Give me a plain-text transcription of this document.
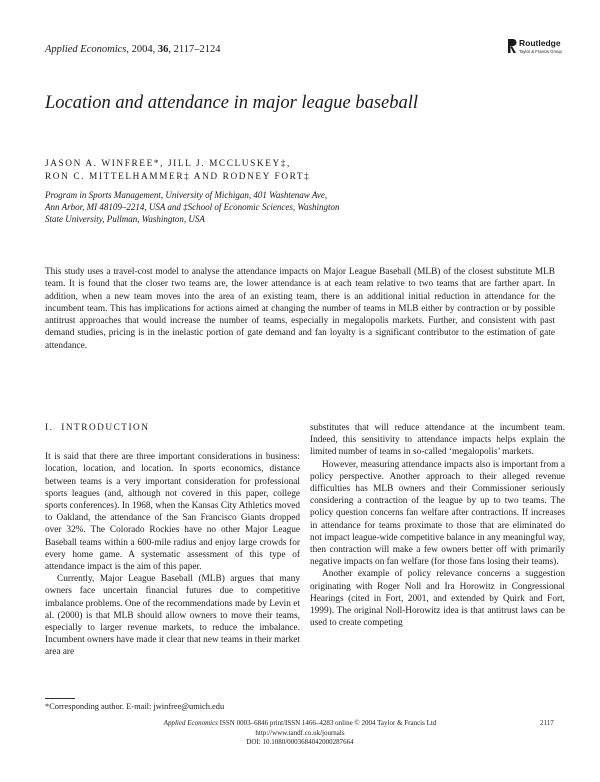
Applied Economics, 2004, 36, 2117–2124
Routledge
Taylor & Francis Group
Location and attendance in major league baseball
JASON A. WINFREE*, JILL J. MCCLUSKEY‡,
RON C. MITTELHAMMER‡ AND RODNEY FORT‡
Program in Sports Management, University of Michigan, 401 Washtenaw Ave,
Ann Arbor, MI 48109–2214, USA and ‡School of Economic Sciences, Washington
State University, Pullman, Washington, USA

This study uses a travel-cost model to analyse the attendance impacts on Major League Baseball (MLB) of the closest substitute MLB team. It is found that the closer two teams are, the lower attendance is at each team relative to two teams that are farther apart. In addition, when a new team moves into the area of an existing team, there is an additional initial reduction in attendance for the incumbent team. This has implications for actions aimed at changing the number of teams in MLB either by contraction or by possible antitrust approaches that would increase the number of teams, especially in megalopolis markets. Further, and consistent with past demand studies, pricing is in the inelastic portion of gate demand and fan loyalty is a significant contributor to the estimation of gate attendance.

I. INTRODUCTION

It is said that there are three important considerations in business: location, location, and location. In sports economics, distance between teams is a very important consideration for professional sports leagues (and, although not covered in this paper, college sports conferences). In 1968, when the Kansas City Athletics moved to Oakland, the attendance of the San Francisco Giants dropped over 32%. The Colorado Rockies have no other Major League Baseball teams within a 600-mile radius and enjoy large crowds for every home game. A systematic assessment of this type of attendance impact is the aim of this paper.

Currently, Major League Baseball (MLB) argues that many owners face uncertain financial futures due to competitive imbalance problems. One of the recommendations made by Levin et al. (2000) is that MLB should allow owners to move their teams, especially to larger revenue markets, to reduce the imbalance. Incumbent owners have made it clear that new teams in their market area are

substitutes that will reduce attendance at the incumbent team. Indeed, this sensitivity to attendance impacts helps explain the limited number of teams in so-called ‘megalopolis’ markets.

However, measuring attendance impacts also is important from a policy perspective. Another approach to their alleged revenue difficulties has MLB owners and their Commissioner seriously considering a contraction of the league by up to two teams. The policy question concerns fan welfare after contractions. If increases in attendance for teams proximate to those that are eliminated do not impact league-wide competitive balance in any meaningful way, then contraction will make a few owners better off with primarily negative impacts on fan welfare (for those fans losing their teams).

Another example of policy relevance concerns a suggestion originating with Roger Noll and Ira Horowitz in Congressional Hearings (cited in Fort, 2001, and extended by Quirk and Fort, 1999). The original Noll-Horowitz idea is that antitrust laws can be used to create competing

*Corresponding author. E-mail: jwinfree@umich.edu
Applied Economics ISSN 0003–6846 print/ISSN 1466–4283 online © 2004 Taylor & Francis Ltd
http://www.tandf.co.uk/journals
DOI: 10.1080/0003684042000287664
2117
